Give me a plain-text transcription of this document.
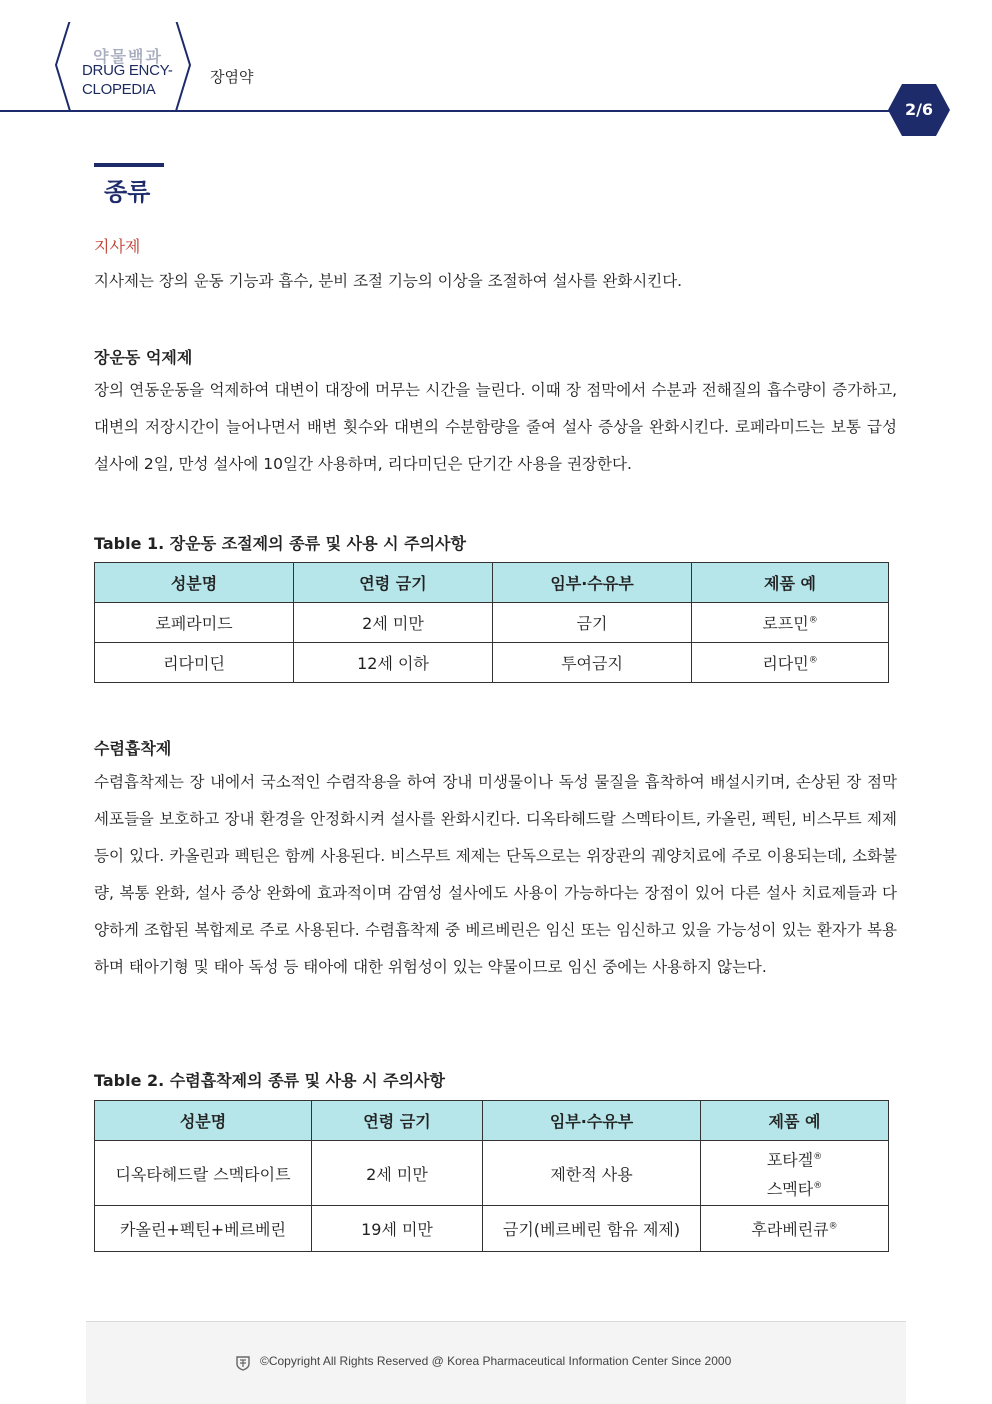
약물백과
DRUG ENCY-
CLOPEDIA
장염약
2/6
종류
지사제
지사제는 장의 운동 기능과 흡수, 분비 조절 기능의 이상을 조절하여 설사를 완화시킨다.
장운동 억제제
장의 연동운동을 억제하여 대변이 대장에 머무는 시간을 늘린다. 이때 장 점막에서 수분과 전해질의 흡수량이 증가하고, 대변의 저장시간이 늘어나면서 배변 횟수와 대변의 수분함량을 줄여 설사 증상을 완화시킨다. 로페라미드는 보통 급성 설사에 2일, 만성 설사에 10일간 사용하며, 리다미딘은 단기간 사용을 권장한다.
Table 1. 장운동 조절제의 종류 및 사용 시 주의사항
성분명	연령 금기	임부·수유부	제품 예
로페라미드	2세 미만	금기	로프민®
리다미딘	12세 이하	투여금지	리다민®
수렴흡착제
수렴흡착제는 장 내에서 국소적인 수렴작용을 하여 장내 미생물이나 독성 물질을 흡착하여 배설시키며, 손상된 장 점막 세포들을 보호하고 장내 환경을 안정화시켜 설사를 완화시킨다. 디옥타헤드랄 스멕타이트, 카올린, 펙틴, 비스무트 제제 등이 있다. 카올린과 펙틴은 함께 사용된다. 비스무트 제제는 단독으로는 위장관의 궤양치료에 주로 이용되는데, 소화불량, 복통 완화, 설사 증상 완화에 효과적이며 감염성 설사에도 사용이 가능하다는 장점이 있어 다른 설사 치료제들과 다양하게 조합된 복합제로 주로 사용된다. 수렴흡착제 중 베르베린은 임신 또는 임신하고 있을 가능성이 있는 환자가 복용하며 태아기형 및 태아 독성 등 태아에 대한 위험성이 있는 약물이므로 임신 중에는 사용하지 않는다.
Table 2. 수렴흡착제의 종류 및 사용 시 주의사항
성분명	연령 금기	임부·수유부	제품 예
디옥타헤드랄 스멕타이트	2세 미만	제한적 사용	포타겔®
스멕타®

카올린+펙틴+베르베린	19세 미만	금기(베르베린 함유 제제)	후라베린큐®
©Copyright All Rights Reserved @ Korea Pharmaceutical Information Center Since 2000
